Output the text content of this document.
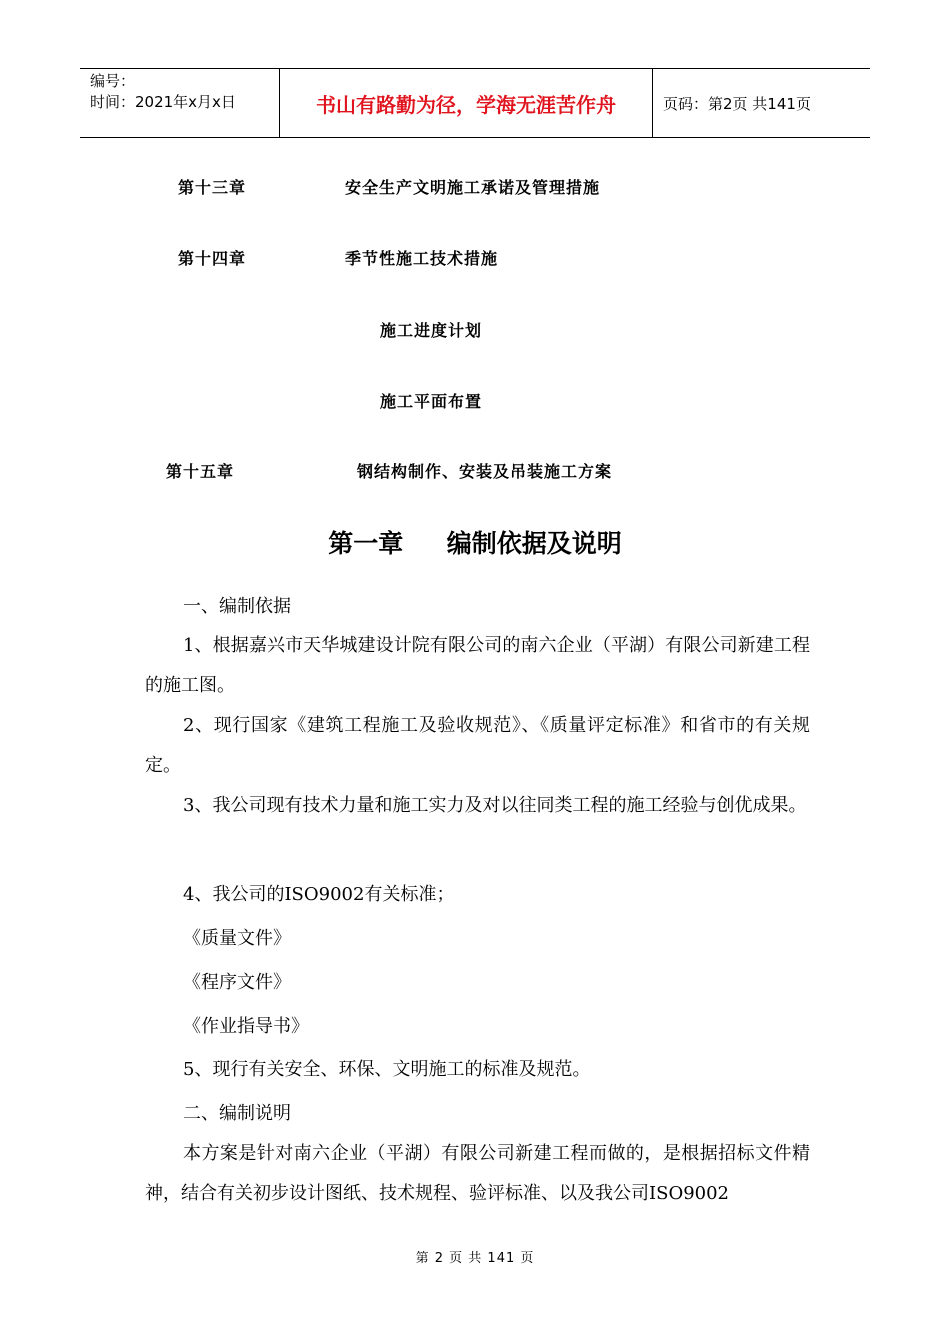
编号：
时间：2021年x月x日	书山有路勤为径，学海无涯苦作舟	页码：第2页 共141页
第十三章	安全生产文明施工承诺及管理措施
第十四章	季节性施工技术措施
施工进度计划
施工平面布置
第十五章	钢结构制作、安装及吊装施工方案
第一章     编制依据及说明
一、编制依据
1、根据嘉兴市天华城建设计院有限公司的南六企业（平湖）有限公司新建工程的施工图。
2、现行国家《建筑工程施工及验收规范》、《质量评定标准》和省市的有关规定。
3、我公司现有技术力量和施工实力及对以往同类工程的施工经验与创优成果。
4、我公司的ISO9002有关标准；
《质量文件》
《程序文件》
《作业指导书》
5、现行有关安全、环保、文明施工的标准及规范。
二、编制说明
本方案是针对南六企业（平湖）有限公司新建工程而做的，是根据招标文件精神，结合有关初步设计图纸、技术规程、验评标准、以及我公司ISO9002
第 2 页 共 141 页
